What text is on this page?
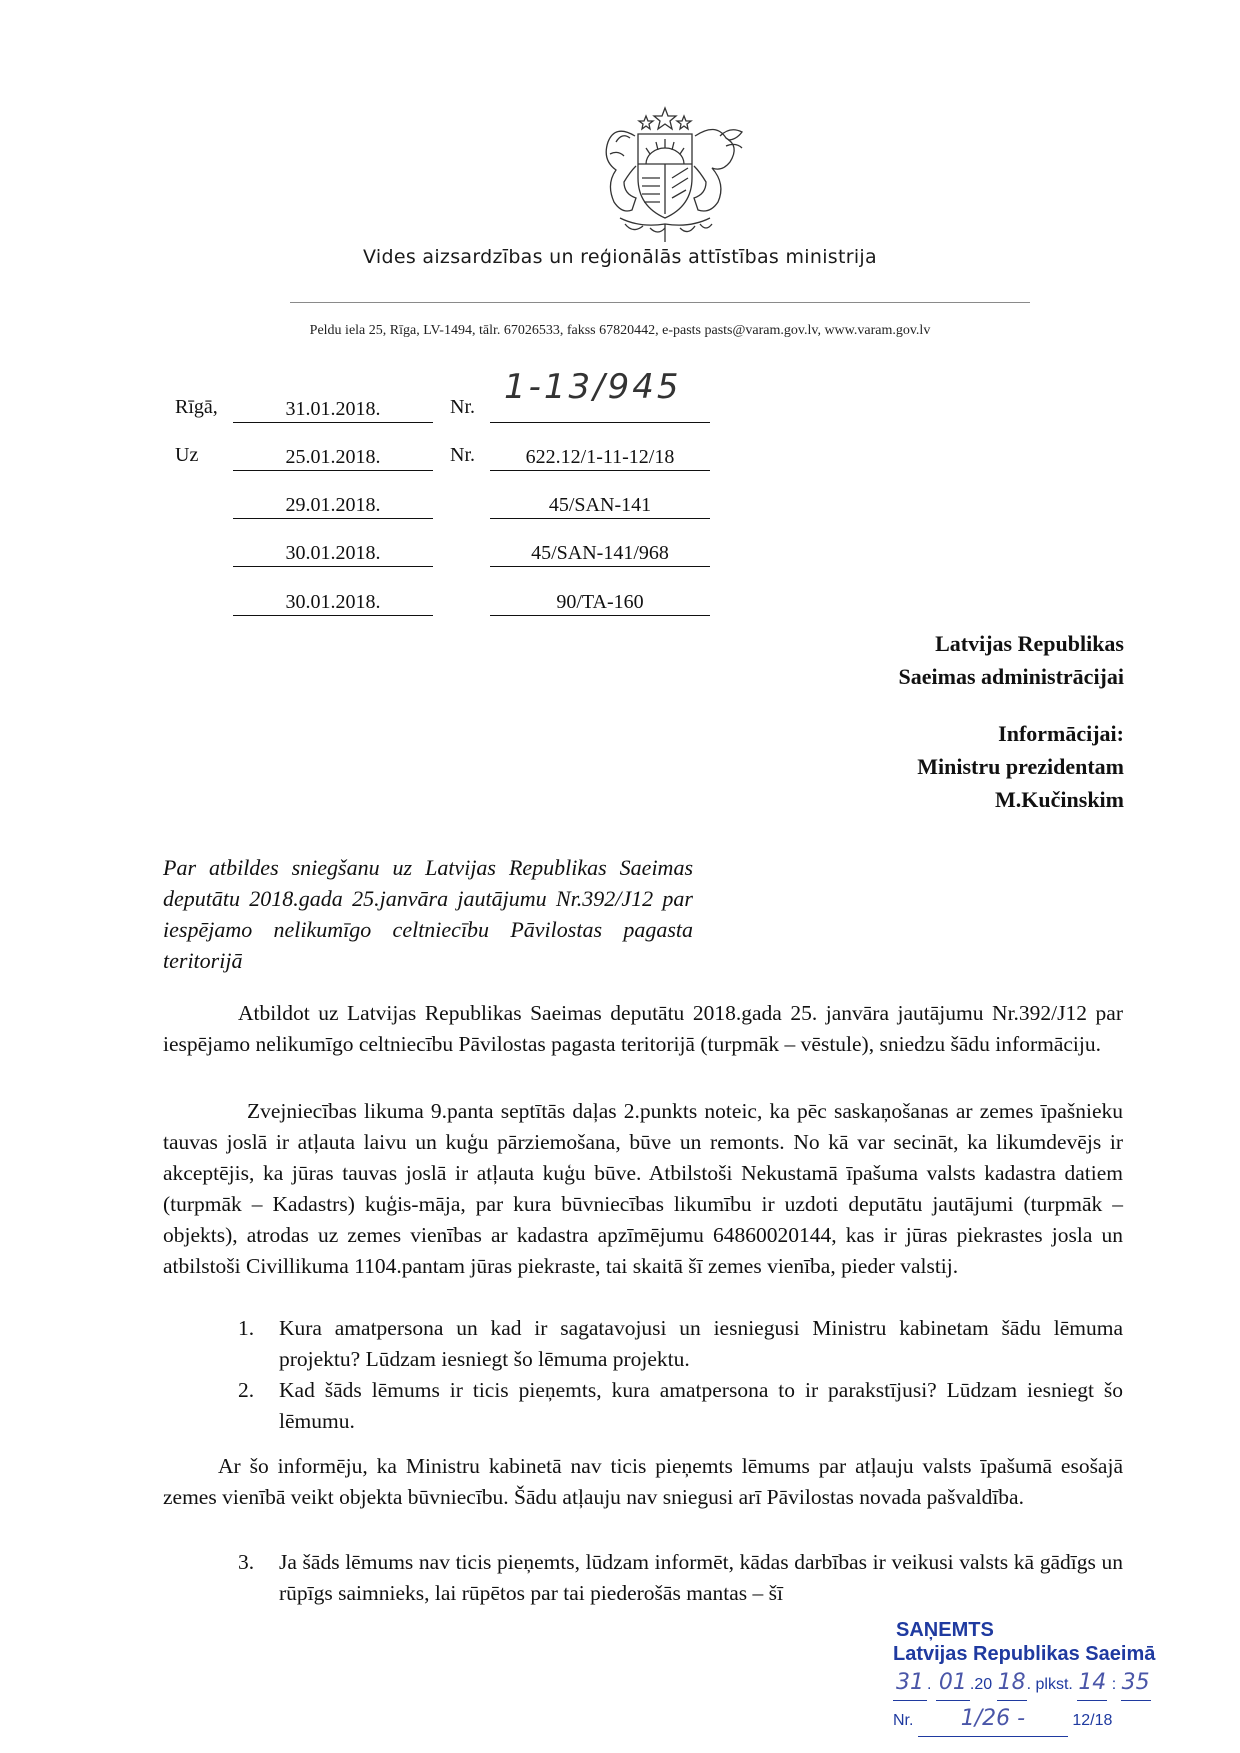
Vides aizsardzības un reģionālās attīstības ministrija
Peldu iela 25, Rīga, LV-1494, tālr. 67026533, fakss 67820442, e-pasts pasts@varam.gov.lv, www.varam.gov.lv
Rīgā,	31.01.2018.	Nr. 1-13/945
Uz	25.01.2018.	Nr.	622.12/1-11-12/18
29.01.2018.	45/SAN-141
30.01.2018.	45/SAN-141/968
30.01.2018.	90/TA-160
Latvijas Republikas
Saeimas administrācijai
Informācijai:
Ministru prezidentam
M.Kučinskim
Par atbildes sniegšanu uz Latvijas Republikas Saeimas deputātu 2018.gada 25.janvāra jautājumu Nr.392/J12 par iespējamo nelikumīgo celtniecību Pāvilostas pagasta teritorijā

Atbildot uz Latvijas Republikas Saeimas deputātu 2018.gada 25. janvāra jautājumu Nr.392/J12 par iespējamo nelikumīgo celtniecību Pāvilostas pagasta teritorijā (turpmāk – vēstule), sniedzu šādu informāciju.

Zvejniecības likuma 9.panta septītās daļas 2.punkts noteic, ka pēc saskaņošanas ar zemes īpašnieku tauvas joslā ir atļauta laivu un kuģu pārziemošana, būve un remonts. No kā var secināt, ka likumdevējs ir akceptējis, ka jūras tauvas joslā ir atļauta kuģu būve. Atbilstoši Nekustamā īpašuma valsts kadastra datiem (turpmāk – Kadastrs) kuģis-māja, par kura būvniecības likumību ir uzdoti deputātu jautājumi (turpmāk – objekts), atrodas uz zemes vienības ar kadastra apzīmējumu 64860020144, kas ir jūras piekrastes josla un atbilstoši Civillikuma 1104.pantam jūras piekraste, tai skaitā šī zemes vienība, pieder valstij.

1. Kura amatpersona un kad ir sagatavojusi un iesniegusi Ministru kabinetam šādu lēmuma projektu? Lūdzam iesniegt šo lēmuma projektu.
2. Kad šāds lēmums ir ticis pieņemts, kura amatpersona to ir parakstījusi? Lūdzam iesniegt šo lēmumu.

Ar šo informēju, ka Ministru kabinetā nav ticis pieņemts lēmums par atļauju valsts īpašumā esošajā zemes vienībā veikt objekta būvniecību. Šādu atļauju nav sniegusi arī Pāvilostas novada pašvaldība.

3. Ja šāds lēmums nav ticis pieņemts, lūdzam informēt, kādas darbības ir veikusi valsts kā gādīgs un rūpīgs saimnieks, lai rūpētos par tai piederošās mantas – šī
SAŅEMTS
Latvijas Republikas Saeimā
31 . 01 .20 18. plkst. 14 : 35
Nr. 1/26 -	12/18
